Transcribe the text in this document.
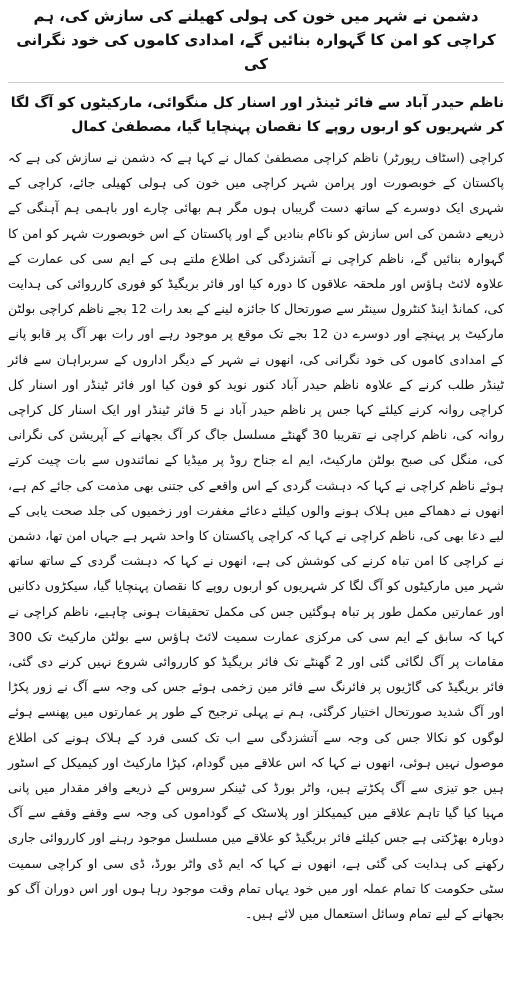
دشمن نے شہر میں خون کی ہولی کھیلنے کی سازش کی، ہم کراچی کو امن کا گہوارہ بنائیں گے، امدادی کاموں کی خود نگرانی کی
ناظم حیدر آباد سے فائر ٹینڈر اور اسنار کل منگوائی، مارکیٹوں کو آگ لگا کر شہریوں کو اربوں روپے کا نقصان پہنچایا گیا، مصطفیٰ کمال

کراچی (اسٹاف رپورٹر) ناظم کراچی مصطفیٰ کمال نے کہا ہے کہ دشمن نے سازش کی ہے کہ پاکستان کے خوبصورت اور پرامن شہر کراچی میں خون کی ہولی کھیلی جائے، کراچی کے شہری ایک دوسرے کے ساتھ دست گریباں ہوں مگر ہم بھائی چارے اور باہمی ہم آہنگی کے ذریعے دشمن کی اس سازش کو ناکام بنادیں گے اور پاکستان کے اس خوبصورت شہر کو امن کا گہوارہ بنائیں گے، ناظم کراچی نے آتشزدگی کی اطلاع ملتے ہی کے ایم سی کی عمارت کے علاوہ لائٹ ہاؤس اور ملحقہ علاقوں کا دورہ کیا اور فائر بریگیڈ کو فوری کارروائی کی ہدایت کی، کمانڈ اینڈ کنٹرول سینٹر سے صورتحال کا جائزہ لینے کے بعد رات 12 بجے ناظم کراچی بولٹن مارکیٹ پر پہنچے اور دوسرے دن 12 بجے تک موقع پر موجود رہے اور رات بھر آگ پر قابو پانے کے امدادی کاموں کی خود نگرانی کی، انھوں نے شہر کے دیگر اداروں کے سربراہان سے فائر ٹینڈر طلب کرنے کے علاوہ ناظم حیدر آباد کنور نوید کو فون کیا اور فائر ٹینڈر اور اسنار کل کراچی روانہ کرنے کیلئے کہا جس پر ناظم حیدر آباد نے 5 فائر ٹینڈر اور ایک اسنار کل کراچی روانہ کی، ناظم کراچی نے تقریبا 30 گھنٹے مسلسل جاگ کر آگ بجھانے کے آپریشن کی نگرانی کی، منگل کی صبح بولٹن مارکیٹ، ایم اے جناح روڈ پر میڈیا کے نمائندوں سے بات چیت کرتے ہوئے ناظم کراچی نے کہا کہ دہشت گردی کے اس واقعے کی جتنی بھی مذمت کی جائے کم ہے، انھوں نے دھماکے میں ہلاک ہونے والوں کیلئے دعائے مغفرت اور زخمیوں کی جلد صحت یابی کے لیے دعا بھی کی، ناظم کراچی نے کہا کہ کراچی پاکستان کا واحد شہر ہے جہاں امن تھا، دشمن نے کراچی کا امن تباہ کرنے کی کوشش کی ہے، انھوں نے کہا کہ دہشت گردی کے ساتھ ساتھ شہر میں مارکیٹوں کو آگ لگا کر شہریوں کو اربوں روپے کا نقصان پہنچایا گیا، سیکڑوں دکانیں اور عمارتیں مکمل طور پر تباہ ہوگئیں جس کی مکمل تحقیقات ہونی چاہیے، ناظم کراچی نے کہا کہ سابق کے ایم سی کی مرکزی عمارت سمیت لائٹ ہاؤس سے بولٹن مارکیٹ تک 300 مقامات پر آگ لگائی گئی اور 2 گھنٹے تک فائر بریگیڈ کو کارروائی شروع نہیں کرنے دی گئی، فائر بریگیڈ کی گاڑیوں پر فائرنگ سے فائر مین زخمی ہوئے جس کی وجہ سے آگ نے زور پکڑا اور آگ شدید صورتحال اختیار کرگئی، ہم نے پہلی ترجیح کے طور پر عمارتوں میں پھنسے ہوئے لوگوں کو نکالا جس کی وجہ سے آتشزدگی سے اب تک کسی فرد کے ہلاک ہونے کی اطلاع موصول نہیں ہوئی، انھوں نے کہا کہ اس علاقے میں گودام، کپڑا مارکیٹ اور کیمیکل کے اسٹور ہیں جو تیزی سے آگ پکڑتے ہیں، واٹر بورڈ کی ٹینکر سروس کے ذریعے وافر مقدار میں پانی مہیا کیا گیا تاہم علاقے میں کیمیکلز اور پلاسٹک کے گوداموں کی وجہ سے وقفے وقفے سے آگ دوبارہ بھڑکتی ہے جس کیلئے فائر بریگیڈ کو علاقے میں مسلسل موجود رہنے اور کارروائی جاری رکھنے کی ہدایت کی گئی ہے، انھوں نے کہا کہ ایم ڈی واٹر بورڈ، ڈی سی او کراچی سمیت سٹی حکومت کا تمام عملہ اور میں خود یہاں تمام وقت موجود رہا ہوں اور اس دوران آگ کو بجھانے کے لیے تمام وسائل استعمال میں لائے ہیں۔
